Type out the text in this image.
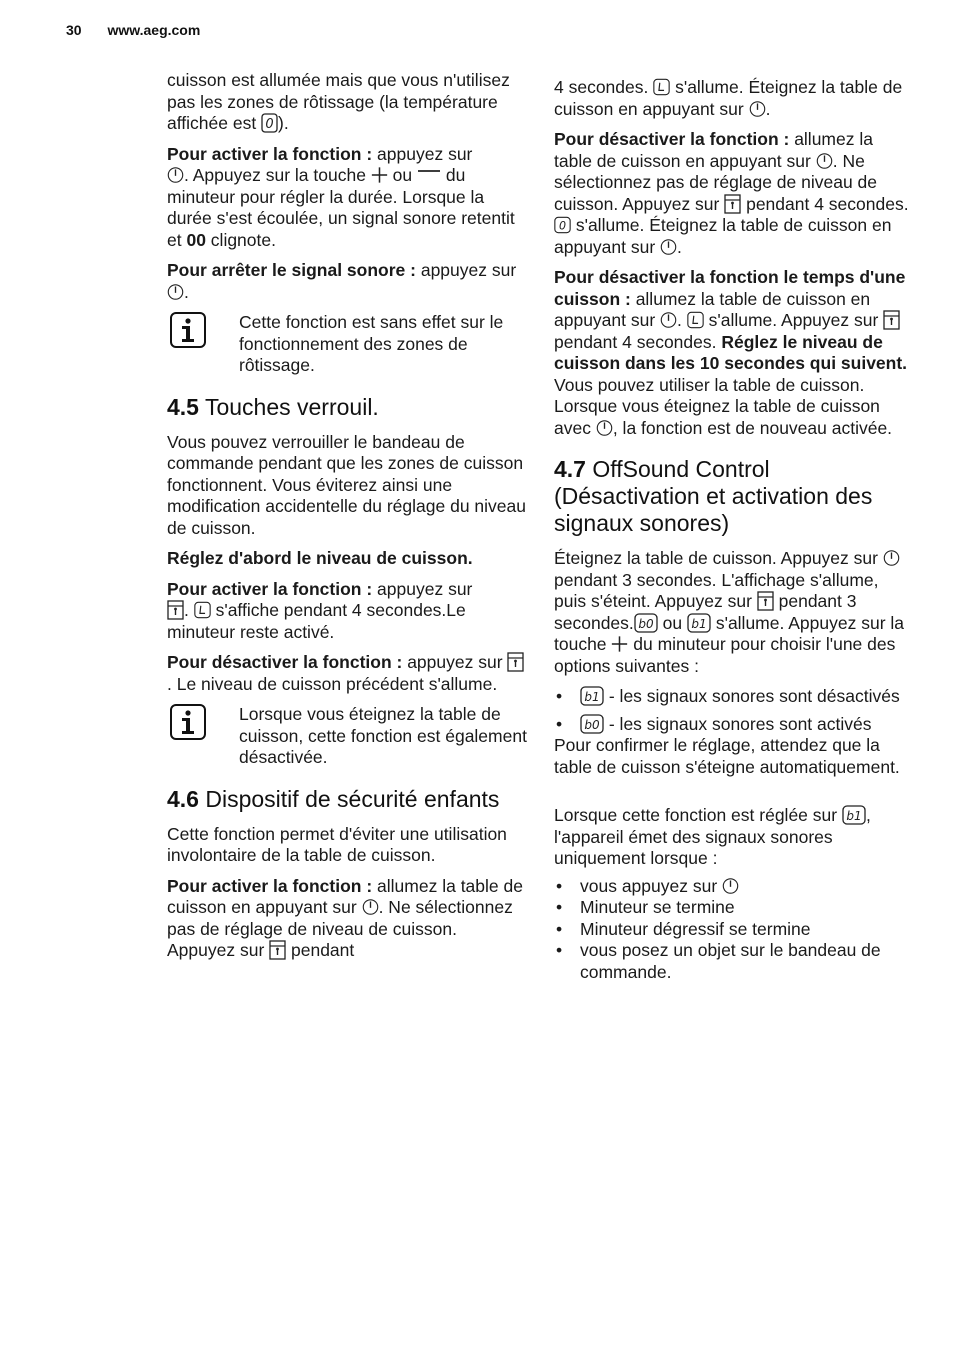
30 www.aeg.com

cuisson est allumée mais que vous n'utilisez pas les zones de rôtissage (la température affichée est 0 ).

Pour activer la fonction : appuyez sur

. Appuyez sur la touche
ou
du minuteur pour régler la durée. Lorsque la durée s'est écoulée, un signal sonore retentit et 00 clignote.

Pour arrêter le signal sonore : appuyez sur
.

Cette fonction est sans effet sur le fonctionnement des zones de rôtissage.
4.5 Touches verrouil.

Vous pouvez verrouiller le bandeau de commande pendant que les zones de cuisson fonctionnent. Vous éviterez ainsi une modification accidentelle du réglage du niveau de cuisson.

Réglez d'abord le niveau de cuisson.

Pour activer la fonction : appuyez sur

.
s'affiche pendant 4 secondes.Le minuteur reste activé.

Pour désactiver la fonction : appuyez sur
. Le niveau de cuisson précédent s'allume.

Lorsque vous éteignez la table de cuisson, cette fonction est également désactivée.
4.6 Dispositif de sécurité enfants

Cette fonction permet d'éviter une utilisation involontaire de la table de cuisson.

Pour activer la fonction : allumez la table de cuisson en appuyant sur
. Ne sélectionnez pas de réglage de niveau de cuisson. Appuyez sur
pendant

4 secondes.
s'allume. Éteignez la table de cuisson en appuyant sur
.

Pour désactiver la fonction : allumez la table de cuisson en appuyant sur
. Ne sélectionnez pas de réglage de niveau de cuisson. Appuyez sur
pendant 4 secondes.
0 s'allume. Éteignez la table de cuisson en appuyant sur
.

Pour désactiver la fonction le temps d'une cuisson : allumez la table de cuisson en appuyant sur
.
s'allume. Appuyez sur
pendant 4 secondes. Réglez le niveau de cuisson dans les 10 secondes qui suivent. Vous pouvez utiliser la table de cuisson. Lorsque vous éteignez la table de cuisson avec
, la fonction est de nouveau activée.

4.7 OffSound Control (Désactivation et activation des signaux sonores)

Éteignez la table de cuisson. Appuyez sur
pendant 3 secondes. L'affichage s'allume, puis s'éteint. Appuyez sur
pendant 3 secondes. b0 ou b1 s'allume. Appuyez sur la touche
du minuteur pour choisir l'une des options suivantes :

• b1 - les signaux sonores sont désactivés
• b0 - les signaux sonores sont activés

Pour confirmer le réglage, attendez que la table de cuisson s'éteigne automatiquement.

Lorsque cette fonction est réglée sur b1 , l'appareil émet des signaux sonores uniquement lorsque :

• vous appuyez sur
• Minuteur se termine
• Minuteur dégressif se termine
• vous posez un objet sur le bandeau de commande.
